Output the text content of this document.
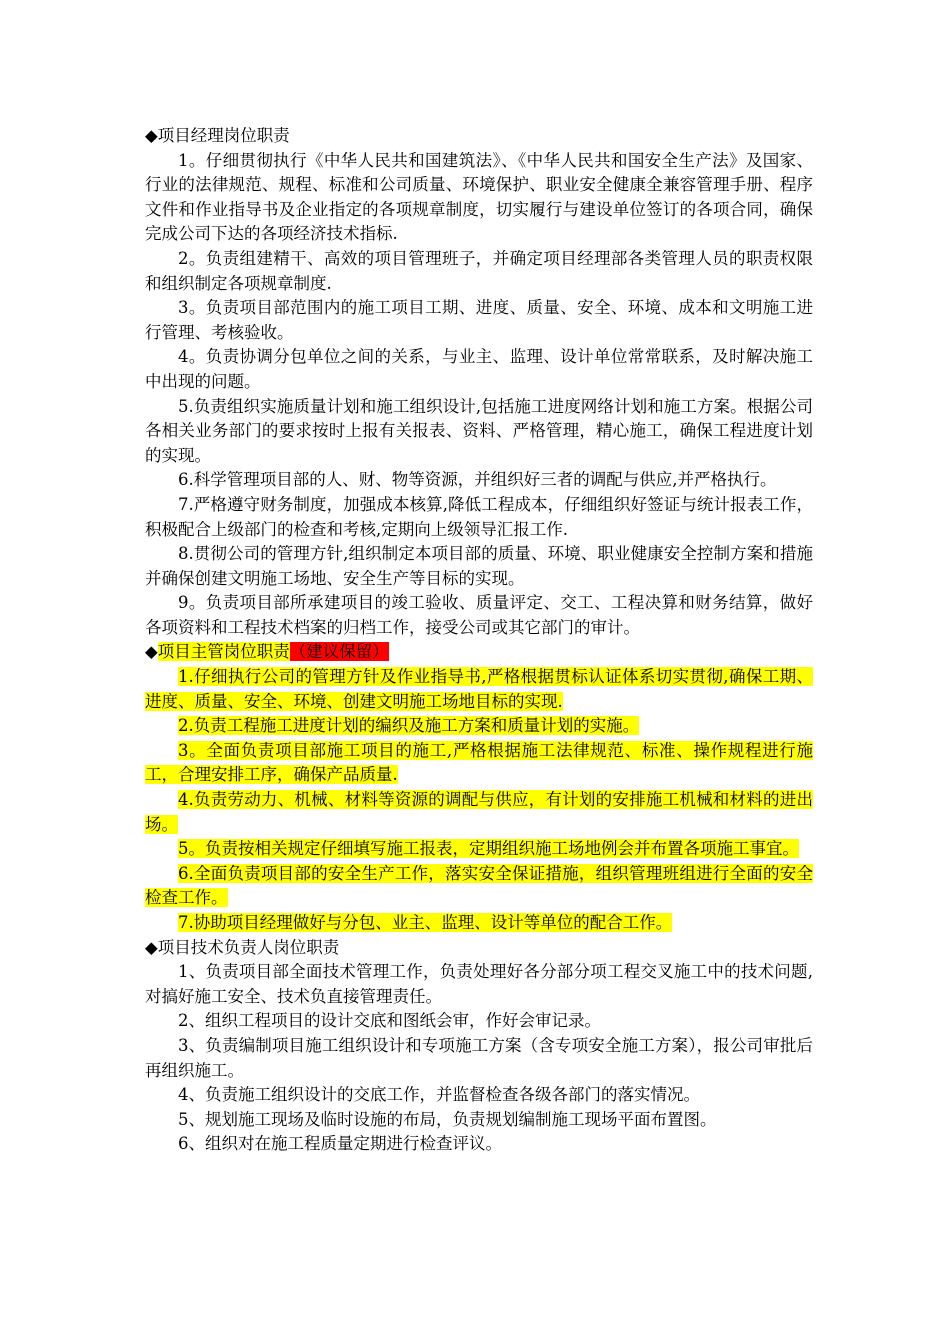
◆项目经理岗位职责
1。仔细贯彻执行《中华人民共和国建筑法》、《中华人民共和国安全生产法》及国家、行业的法律规范、规程、标准和公司质量、环境保护、职业安全健康全兼容管理手册、程序文件和作业指导书及企业指定的各项规章制度，切实履行与建设单位签订的各项合同，确保完成公司下达的各项经济技术指标.
2。负责组建精干、高效的项目管理班子，并确定项目经理部各类管理人员的职责权限和组织制定各项规章制度.
3。负责项目部范围内的施工项目工期、进度、质量、安全、环境、成本和文明施工进行管理、考核验收。
4。负责协调分包单位之间的关系，与业主、监理、设计单位常常联系，及时解决施工中出现的问题。
5.负责组织实施质量计划和施工组织设计,包括施工进度网络计划和施工方案。根据公司各相关业务部门的要求按时上报有关报表、资料、严格管理，精心施工，确保工程进度计划的实现。
6.科学管理项目部的人、财、物等资源，并组织好三者的调配与供应,并严格执行。
7.严格遵守财务制度，加强成本核算,降低工程成本，仔细组织好签证与统计报表工作，积极配合上级部门的检查和考核,定期向上级领导汇报工作.
8.贯彻公司的管理方针,组织制定本项目部的质量、环境、职业健康安全控制方案和措施并确保创建文明施工场地、安全生产等目标的实现。
9。负责项目部所承建项目的竣工验收、质量评定、交工、工程决算和财务结算，做好各项资料和工程技术档案的归档工作，接受公司或其它部门的审计。
◆项目主管岗位职责（建议保留）
1.仔细执行公司的管理方针及作业指导书,严格根据贯标认证体系切实贯彻,确保工期、进度、质量、安全、环境、创建文明施工场地目标的实现.
2.负责工程施工进度计划的编织及施工方案和质量计划的实施。
3。全面负责项目部施工项目的施工,严格根据施工法律规范、标准、操作规程进行施工，合理安排工序，确保产品质量.
4.负责劳动力、机械、材料等资源的调配与供应，有计划的安排施工机械和材料的进出场。
5。负责按相关规定仔细填写施工报表，定期组织施工场地例会并布置各项施工事宜。
6.全面负责项目部的安全生产工作，落实安全保证措施，组织管理班组进行全面的安全检查工作。
7.协助项目经理做好与分包、业主、监理、设计等单位的配合工作。
◆项目技术负责人岗位职责
1、负责项目部全面技术管理工作，负责处理好各分部分项工程交叉施工中的技术问题,对搞好施工安全、技术负直接管理责任。
2、组织工程项目的设计交底和图纸会审，作好会审记录。
3、负责编制项目施工组织设计和专项施工方案（含专项安全施工方案），报公司审批后再组织施工。
4、负责施工组织设计的交底工作，并监督检查各级各部门的落实情况。
5、规划施工现场及临时设施的布局，负责规划编制施工现场平面布置图。
6、组织对在施工程质量定期进行检查评议。
